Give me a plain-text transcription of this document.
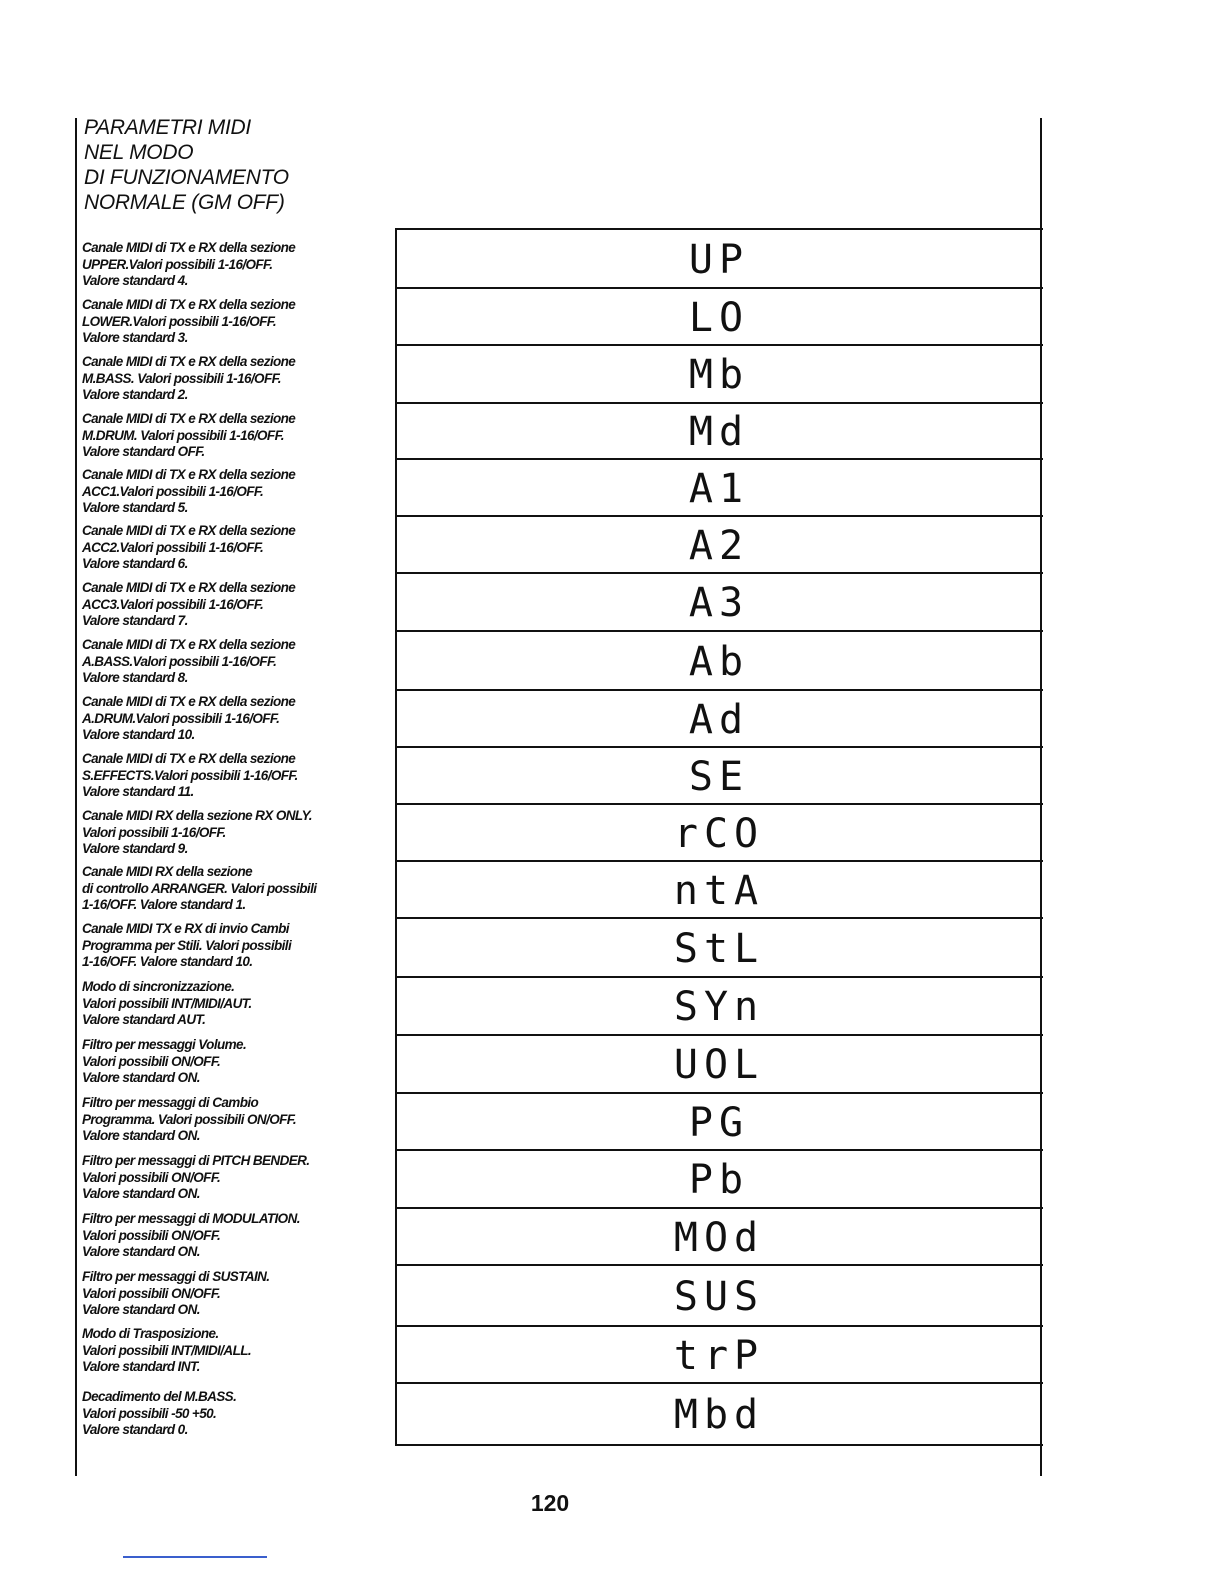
PARAMETRI MIDI
NEL MODO
DI FUNZIONAMENTO
NORMALE (GM OFF)
Canale MIDI di TX e RX della sezione
UPPER.Valori possibili 1-16/OFF.
Valore standard 4.
Canale MIDI di TX e RX della sezione
LOWER.Valori possibili 1-16/OFF.
Valore standard 3.
Canale MIDI di TX e RX della sezione
M.BASS. Valori possibili 1-16/OFF.
Valore standard 2.
Canale MIDI di TX e RX della sezione
M.DRUM. Valori possibili 1-16/OFF.
Valore standard OFF.
Canale MIDI di TX e RX della sezione
ACC1.Valori possibili 1-16/OFF.
Valore standard 5.
Canale MIDI di TX e RX della sezione
ACC2.Valori possibili 1-16/OFF.
Valore standard 6.
Canale MIDI di TX e RX della sezione
ACC3.Valori possibili 1-16/OFF.
Valore standard 7.
Canale MIDI di TX e RX della sezione
A.BASS.Valori possibili 1-16/OFF.
Valore standard 8.
Canale MIDI di TX e RX della sezione
A.DRUM.Valori possibili 1-16/OFF.
Valore standard 10.
Canale MIDI di TX e RX della sezione
S.EFFECTS.Valori possibili 1-16/OFF.
Valore standard 11.
Canale MIDI RX della sezione RX ONLY.
Valori possibili 1-16/OFF.
Valore standard 9.
Canale MIDI RX della sezione
di controllo ARRANGER. Valori possibili
1-16/OFF. Valore standard 1.
Canale MIDI TX e RX di invio Cambi
Programma per Stili. Valori possibili
1-16/OFF. Valore standard 10.
Modo di sincronizzazione.
Valori possibili INT/MIDI/AUT.
Valore standard AUT.
Filtro per messaggi Volume.
Valori possibili ON/OFF.
Valore standard ON.
Filtro per messaggi di Cambio
Programma. Valori possibili ON/OFF.
Valore standard ON.
Filtro per messaggi di PITCH BENDER.
Valori possibili ON/OFF.
Valore standard ON.
Filtro per messaggi di MODULATION.
Valori possibili ON/OFF.
Valore standard ON.
Filtro per messaggi di SUSTAIN.
Valori possibili ON/OFF.
Valore standard ON.
Modo di Trasposizione.
Valori possibili INT/MIDI/ALL.
Valore standard INT.
Decadimento del M.BASS.
Valori possibili -50 +50.
Valore standard 0.
UP
LO
Mb
Md
A1
A2
A3
Ab
Ad
SE
rCO
ntA
StL
SYn
UOL
PG
Pb
MOd
SUS
trP
Mbd
120
